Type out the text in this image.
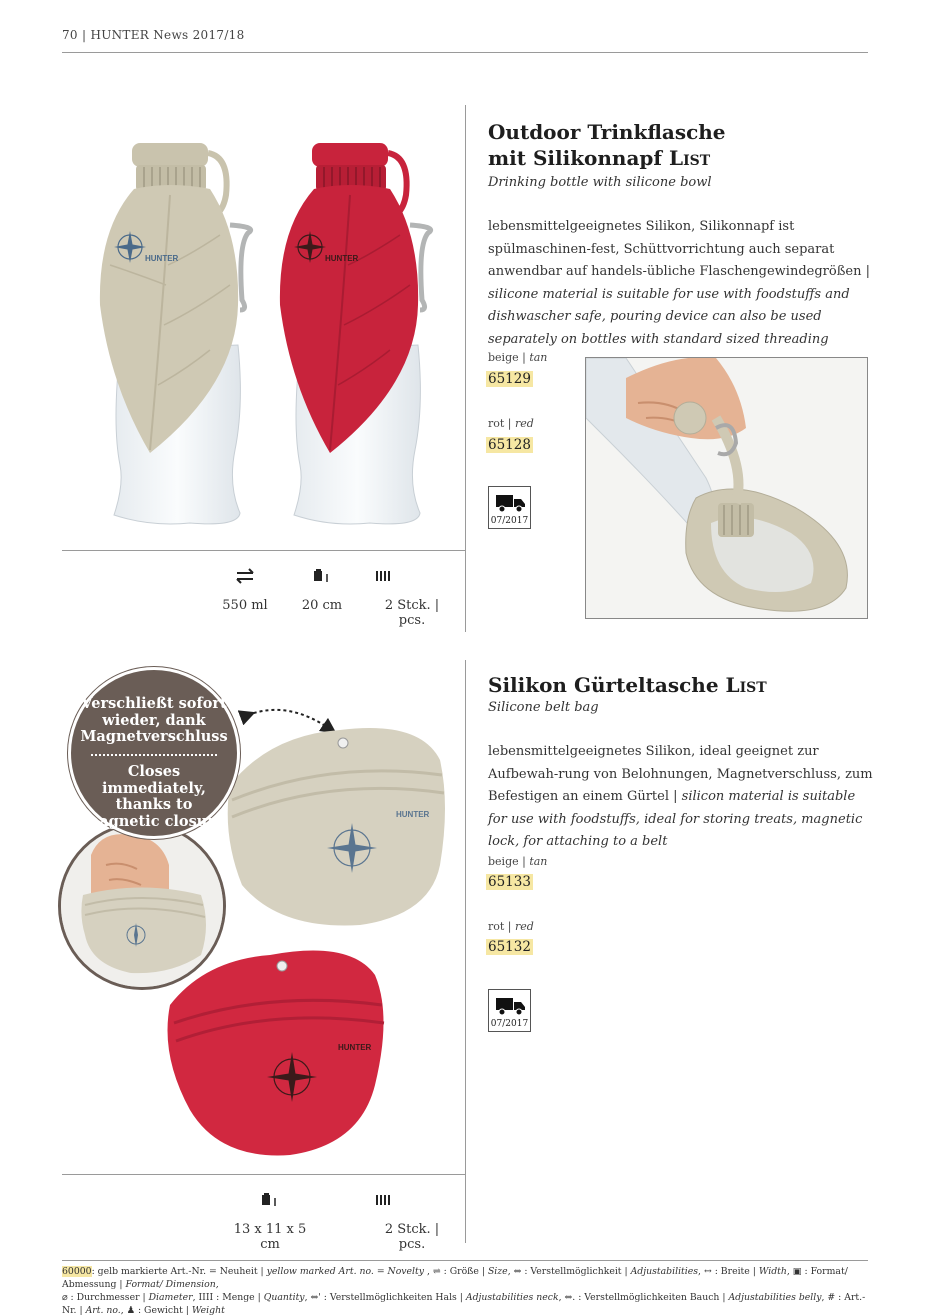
70 | HUNTER News 2017/18
HUNTER	HUNTER
550 ml	20 cm	2 Stck. | pcs.
Outdoor Trinkflasche
mit Silikonnapf List
Drinking bottle with silicone bowl
lebensmittelgeeignetes Silikon, Silikonnapf ist spülmaschinen-fest, Schüttvorrichtung auch separat anwendbar auf handels-übliche Flaschengewindegrößen | silicone material is suitable for use with foodstuffs and dishwascher safe, pouring device can also be used separately on bottles with standard sized threading
beige | tan
65129
rot | red
65128
07/2017
HUNTER
HUNTER
Verschließt sofort wieder, dank Magnetverschluss
Closes immediately, thanks to magnetic closure
13 x 11 x 5 cm
2 Stck. | pcs.
Silikon Gürteltasche List
Silicone belt bag
lebensmittelgeeignetes Silikon, ideal geeignet zur Aufbewah-rung von Belohnungen, Magnetverschluss, zum Befestigen an einem Gürtel | silicon material is suitable for use with foodstuffs, ideal for storing treats, magnetic lock, for attaching to a belt
beige | tan
65133
rot | red
65132
07/2017
60000: gelb markierte Art.-Nr. = Neuheit | yellow marked Art. no. = Novelty , ⇌ : Größe | Size, ⇔ : Verstellmöglichkeit | Adjustabilities, ↔ : Breite | Width, ▣ : Format/ Abmessung | Format/ Dimension,
⌀ : Durchmesser | Diameter, IIII : Menge | Quantity, ⇔' : Verstellmöglichkeiten Hals | Adjustabilities neck, ⇔. : Verstellmöglichkeiten Bauch | Adjustabilities belly, # : Art.-Nr. | Art. no., ♟ : Gewicht | Weight
